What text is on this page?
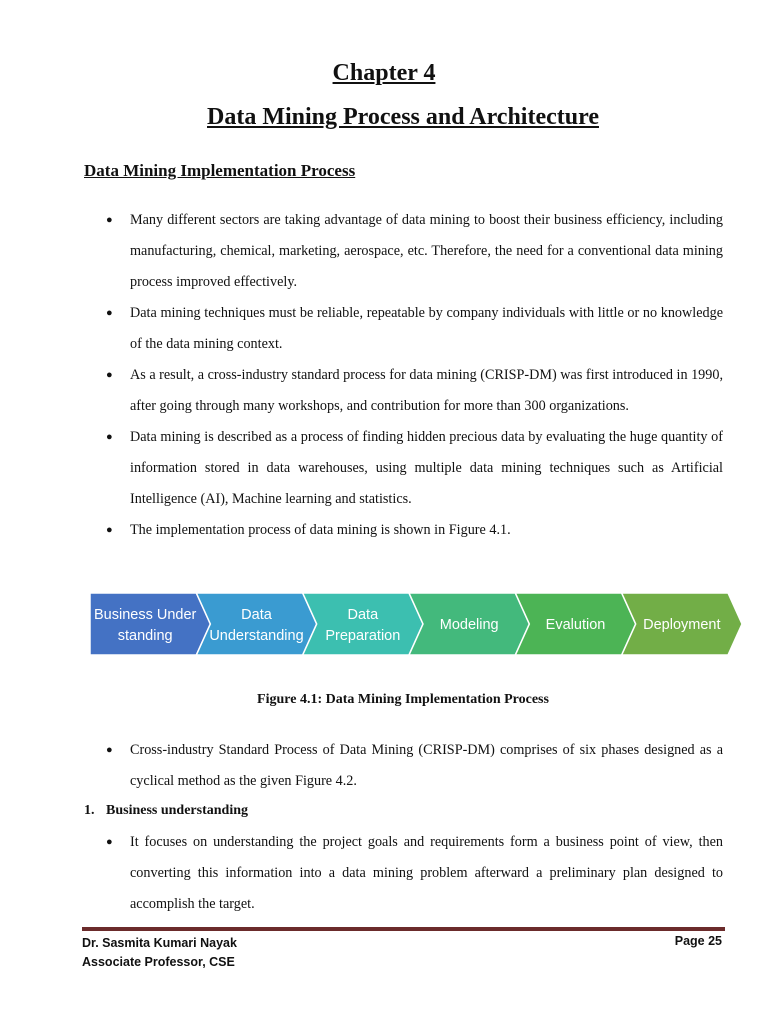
Chapter 4
Data Mining Process and Architecture
Data Mining Implementation Process
● Many different sectors are taking advantage of data mining to boost their business efficiency, including manufacturing, chemical, marketing, aerospace, etc. Therefore, the need for a conventional data mining process improved effectively.
● Data mining techniques must be reliable, repeatable by company individuals with little or no knowledge of the data mining context.
● As a result, a cross-industry standard process for data mining (CRISP-DM) was first introduced in 1990, after going through many workshops, and contribution for more than 300 organizations.
● Data mining is described as a process of finding hidden precious data by evaluating the huge quantity of information stored in data warehouses, using multiple data mining techniques such as Artificial Intelligence (AI), Machine learning and statistics.
● The implementation process of data mining is shown in Figure 4.1.
Business Under
standing
Data
Understanding
Data
Preparation
Modeling	Evalution	Deployment

Figure 4.1: Data Mining Implementation Process

● Cross-industry Standard Process of Data Mining (CRISP-DM) comprises of six phases designed as a cyclical method as the given Figure 4.2.

1. Business understanding

● It focuses on understanding the project goals and requirements form a business point of view, then converting this information into a data mining problem afterward a preliminary plan designed to accomplish the target.
Dr. Sasmita Kumari Nayak
Associate Professor, CSE
Page 25
